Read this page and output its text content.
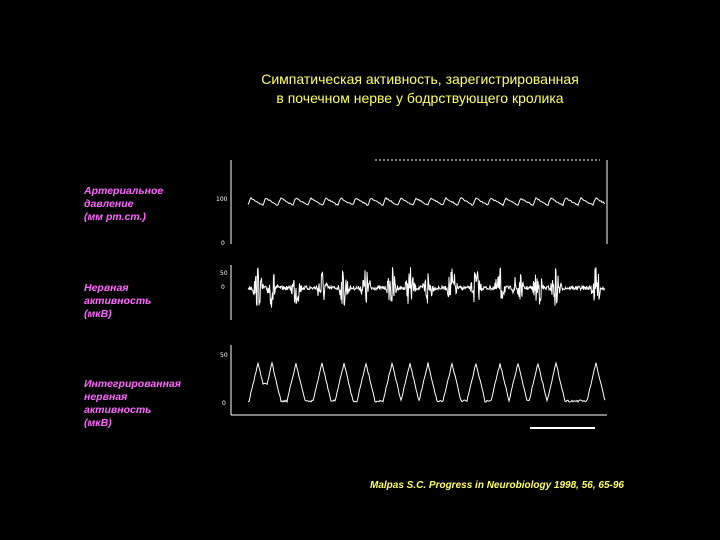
Симпатическая активность, зарегистрированная
в почечном нерве у бодрствующего кролика
Артериальное
давление
(мм рт.ст.)
Нервная
активность
(мкВ)
Интегрированная
нервная
активность
(мкВ)
100
0
50
0
50
0
Malpas S.C. Progress in Neurobiology 1998, 56, 65-96
